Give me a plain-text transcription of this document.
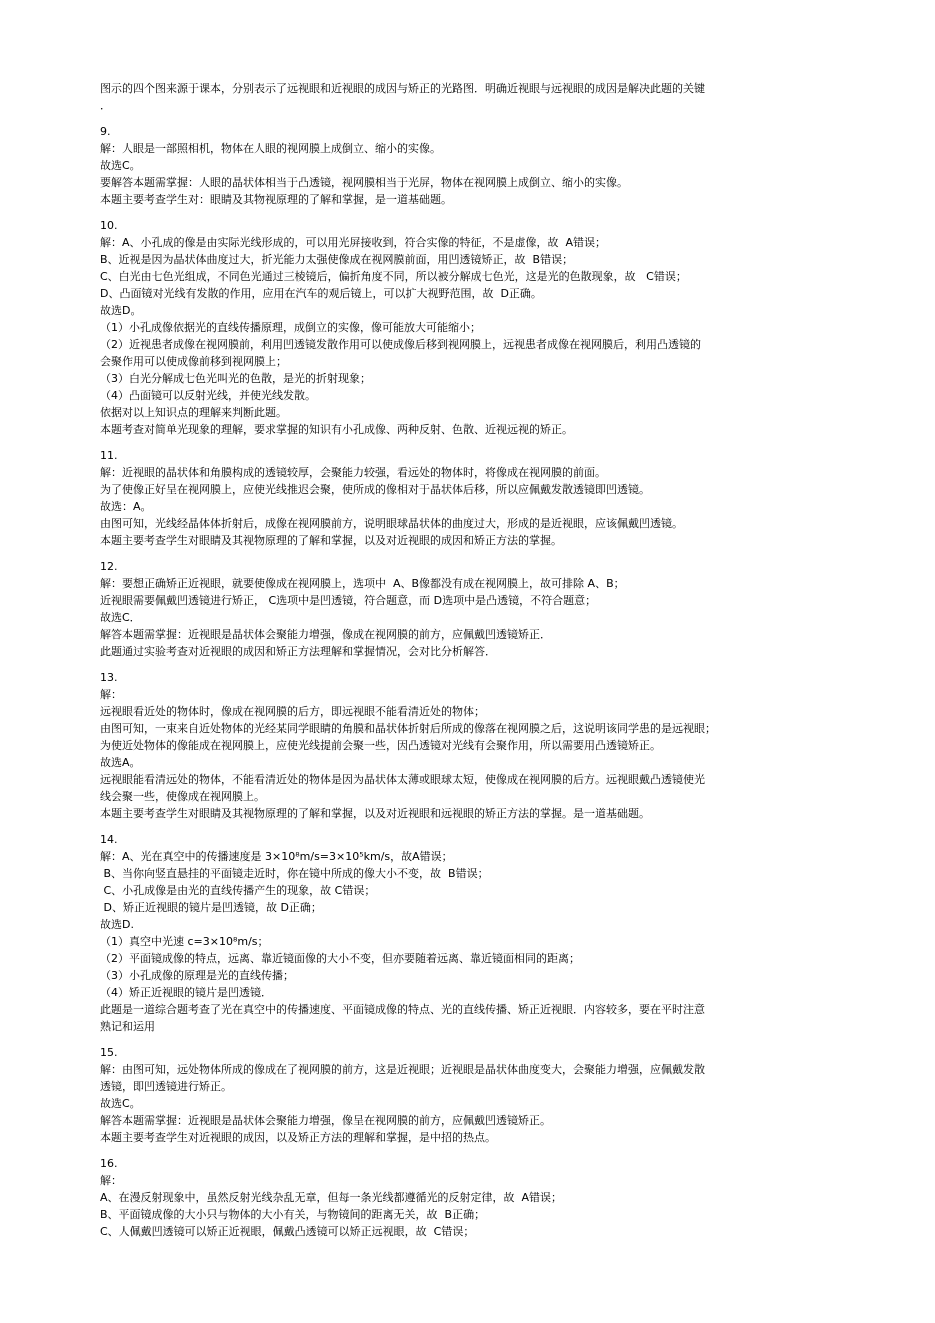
图示的四个图来源于课本，分别表示了远视眼和近视眼的成因与矫正的光路图．明确近视眼与远视眼的成因是解决此题的关键
．
9.
解：人眼是一部照相机，物体在人眼的视网膜上成倒立、缩小的实像。
故选C。
要解答本题需掌握：人眼的晶状体相当于凸透镜，视网膜相当于光屏，物体在视网膜上成倒立、缩小的实像。
本题主要考查学生对：眼睛及其物视原理的了解和掌握，是一道基础题。
10.
解：A、小孔成的像是由实际光线形成的，可以用光屏接收到，符合实像的特征，不是虚像，故  A错误；
B、近视是因为晶状体曲度过大，折光能力太强使像成在视网膜前面，用凹透镜矫正，故  B错误；
C、白光由七色光组成，不同色光通过三棱镜后，偏折角度不同，所以被分解成七色光，这是光的色散现象，故   C错误；
D、凸面镜对光线有发散的作用，应用在汽车的观后镜上，可以扩大视野范围，故  D正确。
故选D。
（1）小孔成像依据光的直线传播原理，成倒立的实像，像可能放大可能缩小；
（2）近视患者成像在视网膜前，利用凹透镜发散作用可以使成像后移到视网膜上，远视患者成像在视网膜后，利用凸透镜的
会聚作用可以使成像前移到视网膜上；
（3）白光分解成七色光叫光的色散，是光的折射现象；
（4）凸面镜可以反射光线，并使光线发散。
依据对以上知识点的理解来判断此题。
本题考查对简单光现象的理解，要求掌握的知识有小孔成像、两种反射、色散、近视远视的矫正。
11.
解：近视眼的晶状体和角膜构成的透镜较厚，会聚能力较强，看远处的物体时，将像成在视网膜的前面。
为了使像正好呈在视网膜上，应使光线推迟会聚，使所成的像相对于晶状体后移，所以应佩戴发散透镜即凹透镜。
故选：A。
由图可知，光线经晶体体折射后，成像在视网膜前方，说明眼球晶状体的曲度过大，形成的是近视眼，应该佩戴凹透镜。
本题主要考查学生对眼睛及其视物原理的了解和掌握，以及对近视眼的成因和矫正方法的掌握。
12.
解：要想正确矫正近视眼，就要使像成在视网膜上，选项中  A、B像都没有成在视网膜上，故可排除 A、B；
近视眼需要佩戴凹透镜进行矫正， C选项中是凹透镜，符合题意，而 D选项中是凸透镜，不符合题意；
故选C．
解答本题需掌握：近视眼是晶状体会聚能力增强，像成在视网膜的前方，应佩戴凹透镜矫正．
此题通过实验考查对近视眼的成因和矫正方法理解和掌握情况，会对比分析解答．
13.
解：
远视眼看近处的物体时，像成在视网膜的后方，即远视眼不能看清近处的物体；
由图可知，一束来自近处物体的光经某同学眼睛的角膜和晶状体折射后所成的像落在视网膜之后，这说明该同学患的是远视眼；
为使近处物体的像能成在视网膜上，应使光线提前会聚一些，因凸透镜对光线有会聚作用，所以需要用凸透镜矫正。
故选A。
远视眼能看清远处的物体，不能看清近处的物体是因为晶状体太薄或眼球太短，使像成在视网膜的后方。远视眼戴凸透镜使光
线会聚一些，使像成在视网膜上。
本题主要考查学生对眼睛及其视物原理的了解和掌握，以及对近视眼和远视眼的矫正方法的掌握。是一道基础题。
14.
解：A、光在真空中的传播速度是 3×10⁸m/s=3×10⁵km/s，故A错误；
B、当你向竖直悬挂的平面镜走近时，你在镜中所成的像大小不变，故  B错误；
C、小孔成像是由光的直线传播产生的现象，故 C错误；
D、矫正近视眼的镜片是凹透镜，故 D正确；
故选D.
（1）真空中光速 c=3×10⁸m/s；
（2）平面镜成像的特点，远离、靠近镜面像的大小不变，但亦要随着远离、靠近镜面相同的距离；
（3）小孔成像的原理是光的直线传播；
（4）矫正近视眼的镜片是凹透镜．
此题是一道综合题考查了光在真空中的传播速度、平面镜成像的特点、光的直线传播、矫正近视眼．内容较多，要在平时注意
熟记和运用
15.
解：由图可知，远处物体所成的像成在了视网膜的前方，这是近视眼；近视眼是晶状体曲度变大，会聚能力增强，应佩戴发散
透镜，即凹透镜进行矫正。
故选C。
解答本题需掌握：近视眼是晶状体会聚能力增强，像呈在视网膜的前方，应佩戴凹透镜矫正。
本题主要考查学生对近视眼的成因，以及矫正方法的理解和掌握，是中招的热点。
16.
解：
A、在漫反射现象中，虽然反射光线杂乱无章，但每一条光线都遵循光的反射定律，故  A错误；
B、平面镜成像的大小只与物体的大小有关，与物镜间的距离无关，故  B正确；
C、人佩戴凹透镜可以矫正近视眼，佩戴凸透镜可以矫正远视眼，故  C错误；
